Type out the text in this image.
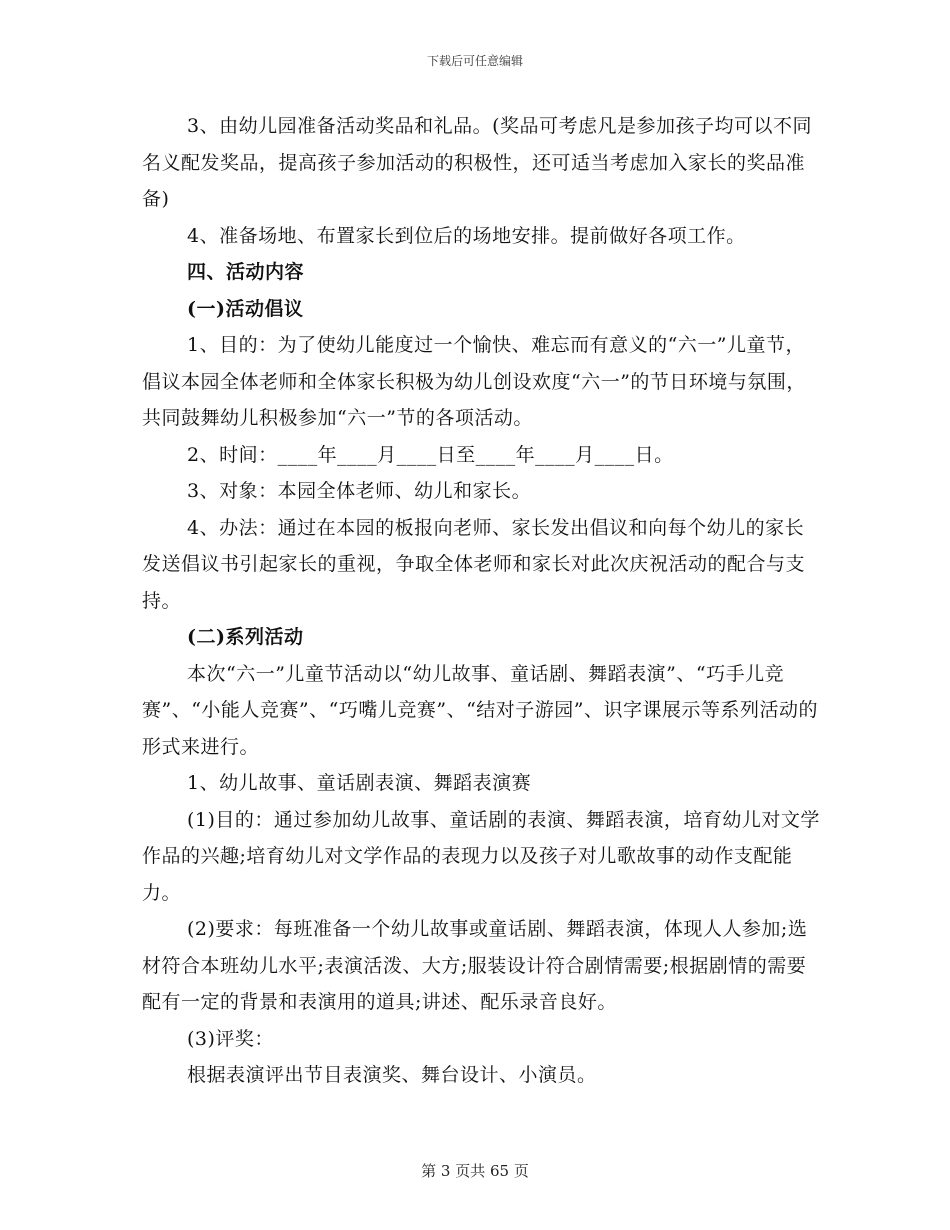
下载后可任意编辑

3、由幼儿园准备活动奖品和礼品。(奖品可考虑凡是参加孩子均可以不同名义配发奖品，提高孩子参加活动的积极性，还可适当考虑加入家长的奖品准备)

4、准备场地、布置家长到位后的场地安排。提前做好各项工作。

四、活动内容

(一)活动倡议

1、目的：为了使幼儿能度过一个愉快、难忘而有意义的“六一”儿童节，倡议本园全体老师和全体家长积极为幼儿创设欢度“六一”的节日环境与氛围，共同鼓舞幼儿积极参加“六一”节的各项活动。

2、时间：____年____月____日至____年____月____日。

3、对象：本园全体老师、幼儿和家长。

4、办法：通过在本园的板报向老师、家长发出倡议和向每个幼儿的家长发送倡议书引起家长的重视，争取全体老师和家长对此次庆祝活动的配合与支持。

(二)系列活动

本次“六一”儿童节活动以“幼儿故事、童话剧、舞蹈表演”、“巧手儿竞赛”、“小能人竞赛”、“巧嘴儿竞赛”、“结对子游园”、识字课展示等系列活动的形式来进行。

1、幼儿故事、童话剧表演、舞蹈表演赛

(1)目的：通过参加幼儿故事、童话剧的表演、舞蹈表演，培育幼儿对文学作品的兴趣;培育幼儿对文学作品的表现力以及孩子对儿歌故事的动作支配能力。

(2)要求：每班准备一个幼儿故事或童话剧、舞蹈表演，体现人人参加;选材符合本班幼儿水平;表演活泼、大方;服装设计符合剧情需要;根据剧情的需要配有一定的背景和表演用的道具;讲述、配乐录音良好。

(3)评奖：

根据表演评出节目表演奖、舞台设计、小演员。

第 3 页共 65 页
